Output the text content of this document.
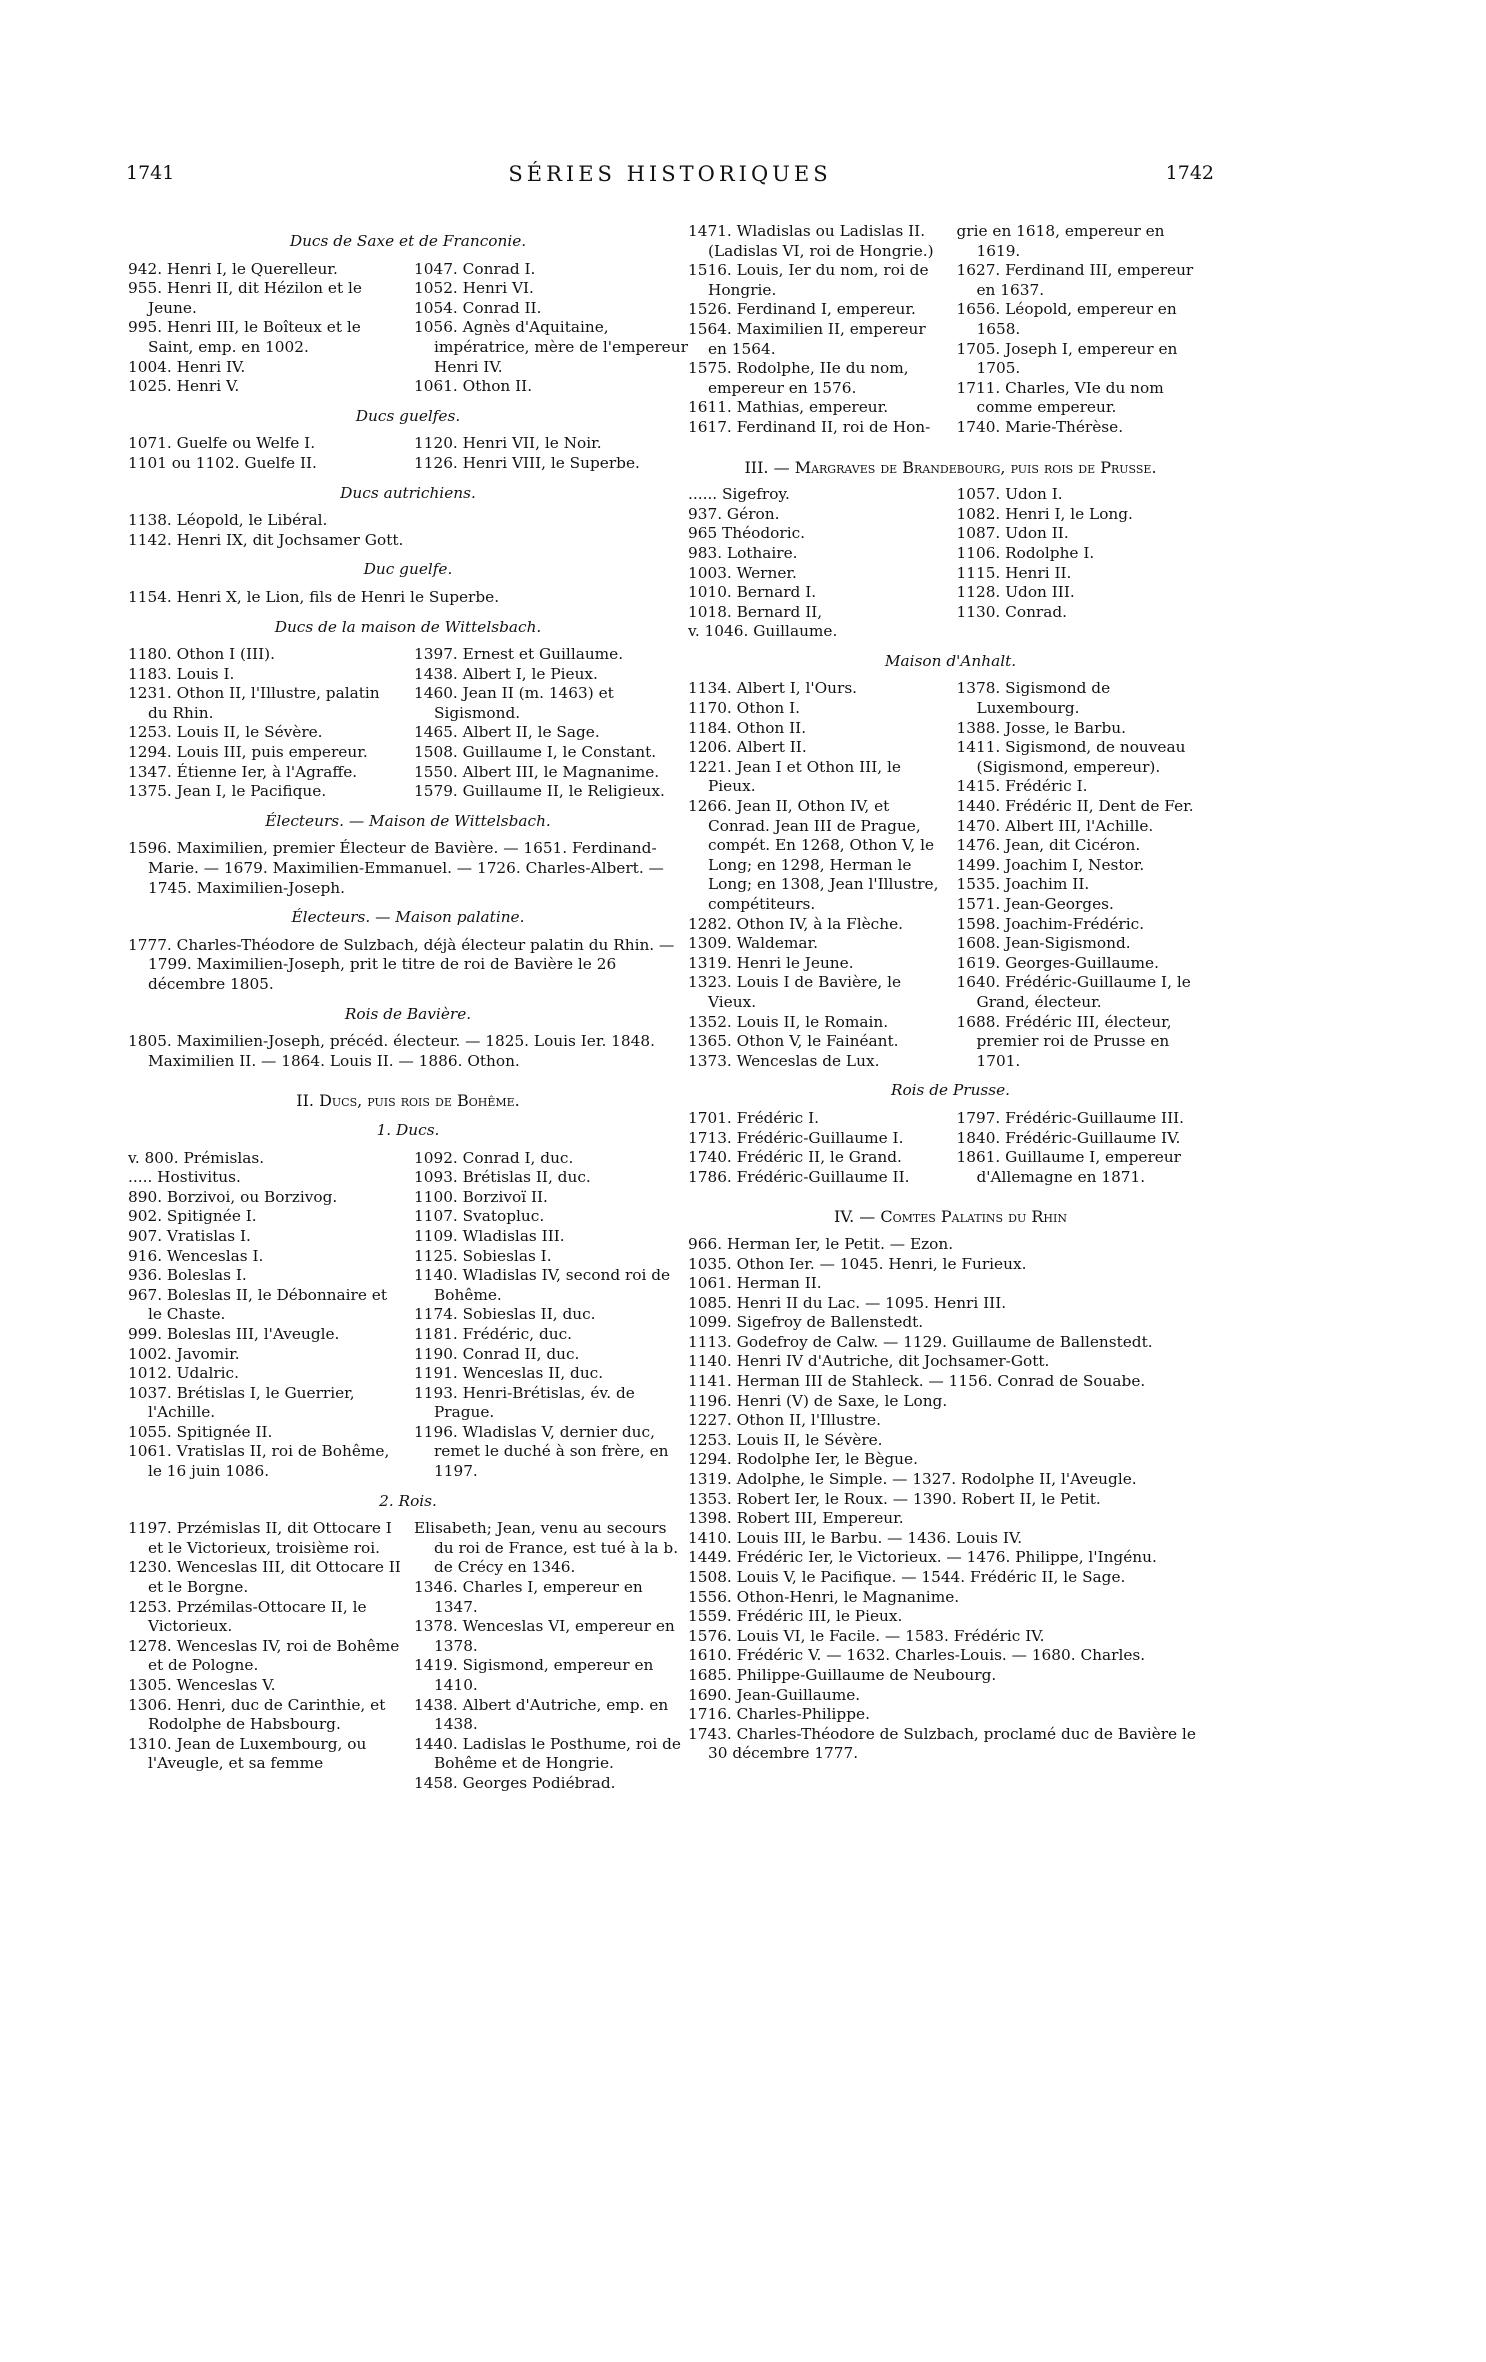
1741	SÉRIES HISTORIQUES	1742
Ducs de Saxe et de Franconie.
942. Henri I, le Querelleur.
955. Henri II, dit Hézilon et le Jeune.
995. Henri III, le Boîteux et le Saint, emp. en 1002.
1004. Henri IV.
1025. Henri V.
1047. Conrad I.
1052. Henri VI.
1054. Conrad II.
1056. Agnès d'Aquitaine, impératrice, mère de l'empereur Henri IV.
1061. Othon II.
Ducs guelfes.
1071. Guelfe ou Welfe I.
1101 ou 1102. Guelfe II.
1120. Henri VII, le Noir.
1126. Henri VIII, le Superbe.
Ducs autrichiens.
1138. Léopold, le Libéral.
1142. Henri IX, dit Jochsamer Gott.
Duc guelfe.
1154. Henri X, le Lion, fils de Henri le Superbe.
Ducs de la maison de Wittelsbach.
1180. Othon I (III).
1183. Louis I.
1231. Othon II, l'Illustre, palatin du Rhin.
1253. Louis II, le Sévère.
1294. Louis III, puis empereur.
1347. Étienne Ier, à l'Agraffe.
1375. Jean I, le Pacifique.
1397. Ernest et Guillaume.
1438. Albert I, le Pieux.
1460. Jean II (m. 1463) et Sigismond.
1465. Albert II, le Sage.
1508. Guillaume I, le Constant.
1550. Albert III, le Magnanime.
1579. Guillaume II, le Religieux.
Électeurs. — Maison de Wittelsbach.
1596. Maximilien, premier Électeur de Bavière. — 1651. Ferdinand-Marie. — 1679. Maximilien-Emmanuel. — 1726. Charles-Albert. — 1745. Maximilien-Joseph.
Électeurs. — Maison palatine.
1777. Charles-Théodore de Sulzbach, déjà électeur palatin du Rhin. — 1799. Maximilien-Joseph, prit le titre de roi de Bavière le 26 décembre 1805.
Rois de Bavière.
1805. Maximilien-Joseph, précéd. électeur. — 1825. Louis Ier. 1848. Maximilien II. — 1864. Louis II. — 1886. Othon.
II. Ducs, puis rois de Bohême.
1. Ducs.
v. 800. Prémislas.
..... Hostivitus.
890. Borzivoi, ou Borzivog.
902. Spitignée I.
907. Vratislas I.
916. Wenceslas I.
936. Boleslas I.
967. Boleslas II, le Débonnaire et le Chaste.
999. Boleslas III, l'Aveugle.
1002. Javomir.
1012. Udalric.
1037. Brétislas I, le Guerrier, l'Achille.
1055. Spitignée II.
1061. Vratislas II, roi de Bohême, le 16 juin 1086.
1092. Conrad I, duc.
1093. Brétislas II, duc.
1100. Borzivoï II.
1107. Svatopluc.
1109. Wladislas III.
1125. Sobieslas I.
1140. Wladislas IV, second roi de Bohême.
1174. Sobieslas II, duc.
1181. Frédéric, duc.
1190. Conrad II, duc.
1191. Wenceslas II, duc.
1193. Henri-Brétislas, év. de Prague.
1196. Wladislas V, dernier duc, remet le duché à son frère, en 1197.
2. Rois.
1197. Przémislas II, dit Ottocare I et le Victorieux, troisième roi.
1230. Wenceslas III, dit Ottocare II et le Borgne.
1253. Przémilas-Ottocare II, le Victorieux.
1278. Wenceslas IV, roi de Bohême et de Pologne.
1305. Wenceslas V.
1306. Henri, duc de Carinthie, et Rodolphe de Habsbourg.
1310. Jean de Luxembourg, ou l'Aveugle, et sa femme
Elisabeth; Jean, venu au secours du roi de France, est tué à la b. de Crécy en 1346.
1346. Charles I, empereur en 1347.
1378. Wenceslas VI, empereur en 1378.
1419. Sigismond, empereur en 1410.
1438. Albert d'Autriche, emp. en 1438.
1440. Ladislas le Posthume, roi de Bohême et de Hongrie.
1458. Georges Podiébrad.
1471. Wladislas ou Ladislas II. (Ladislas VI, roi de Hongrie.)
1516. Louis, Ier du nom, roi de Hongrie.
1526. Ferdinand I, empereur.
1564. Maximilien II, empereur en 1564.
1575. Rodolphe, IIe du nom, empereur en 1576.
1611. Mathias, empereur.
1617. Ferdinand II, roi de Hon-
grie en 1618, empereur en 1619.
1627. Ferdinand III, empereur en 1637.
1656. Léopold, empereur en 1658.
1705. Joseph I, empereur en 1705.
1711. Charles, VIe du nom comme empereur.
1740. Marie-Thérèse.
III. — Margraves de Brandebourg, puis rois de Prusse.
...... Sigefroy.
937. Géron.
965 Théodoric.
983. Lothaire.
1003. Werner.
1010. Bernard I.
1018. Bernard II,
v. 1046. Guillaume.
1057. Udon I.
1082. Henri I, le Long.
1087. Udon II.
1106. Rodolphe I.
1115. Henri II.
1128. Udon III.
1130. Conrad.
Maison d'Anhalt.
1134. Albert I, l'Ours.
1170. Othon I.
1184. Othon II.
1206. Albert II.
1221. Jean I et Othon III, le Pieux.
1266. Jean II, Othon IV, et Conrad. Jean III de Prague, compét. En 1268, Othon V, le Long; en 1298, Herman le Long; en 1308, Jean l'Illustre, compétiteurs.
1282. Othon IV, à la Flèche.
1309. Waldemar.
1319. Henri le Jeune.
1323. Louis I de Bavière, le Vieux.
1352. Louis II, le Romain.
1365. Othon V, le Fainéant.
1373. Wenceslas de Lux.
1378. Sigismond de Luxembourg.
1388. Josse, le Barbu.
1411. Sigismond, de nouveau (Sigismond, empereur).
1415. Frédéric I.
1440. Frédéric II, Dent de Fer.
1470. Albert III, l'Achille.
1476. Jean, dit Cicéron.
1499. Joachim I, Nestor.
1535. Joachim II.
1571. Jean-Georges.
1598. Joachim-Frédéric.
1608. Jean-Sigismond.
1619. Georges-Guillaume.
1640. Frédéric-Guillaume I, le Grand, électeur.
1688. Frédéric III, électeur, premier roi de Prusse en 1701.
Rois de Prusse.
1701. Frédéric I.
1713. Frédéric-Guillaume I.
1740. Frédéric II, le Grand.
1786. Frédéric-Guillaume II.
1797. Frédéric-Guillaume III.
1840. Frédéric-Guillaume IV.
1861. Guillaume I, empereur d'Allemagne en 1871.
IV. — Comtes Palatins du Rhin
966. Herman Ier, le Petit. — Ezon.
1035. Othon Ier. — 1045. Henri, le Furieux.
1061. Herman II.
1085. Henri II du Lac. — 1095. Henri III.
1099. Sigefroy de Ballenstedt.
1113. Godefroy de Calw. — 1129. Guillaume de Ballenstedt.
1140. Henri IV d'Autriche, dit Jochsamer-Gott.
1141. Herman III de Stahleck. — 1156. Conrad de Souabe.
1196. Henri (V) de Saxe, le Long.
1227. Othon II, l'Illustre.
1253. Louis II, le Sévère.
1294. Rodolphe Ier, le Bègue.
1319. Adolphe, le Simple. — 1327. Rodolphe II, l'Aveugle.
1353. Robert Ier, le Roux. — 1390. Robert II, le Petit.
1398. Robert III, Empereur.
1410. Louis III, le Barbu. — 1436. Louis IV.
1449. Frédéric Ier, le Victorieux. — 1476. Philippe, l'Ingénu.
1508. Louis V, le Pacifique. — 1544. Frédéric II, le Sage.
1556. Othon-Henri, le Magnanime.
1559. Frédéric III, le Pieux.
1576. Louis VI, le Facile. — 1583. Frédéric IV.
1610. Frédéric V. — 1632. Charles-Louis. — 1680. Charles.
1685. Philippe-Guillaume de Neubourg.
1690. Jean-Guillaume.
1716. Charles-Philippe.
1743. Charles-Théodore de Sulzbach, proclamé duc de Bavière le 30 décembre 1777.
